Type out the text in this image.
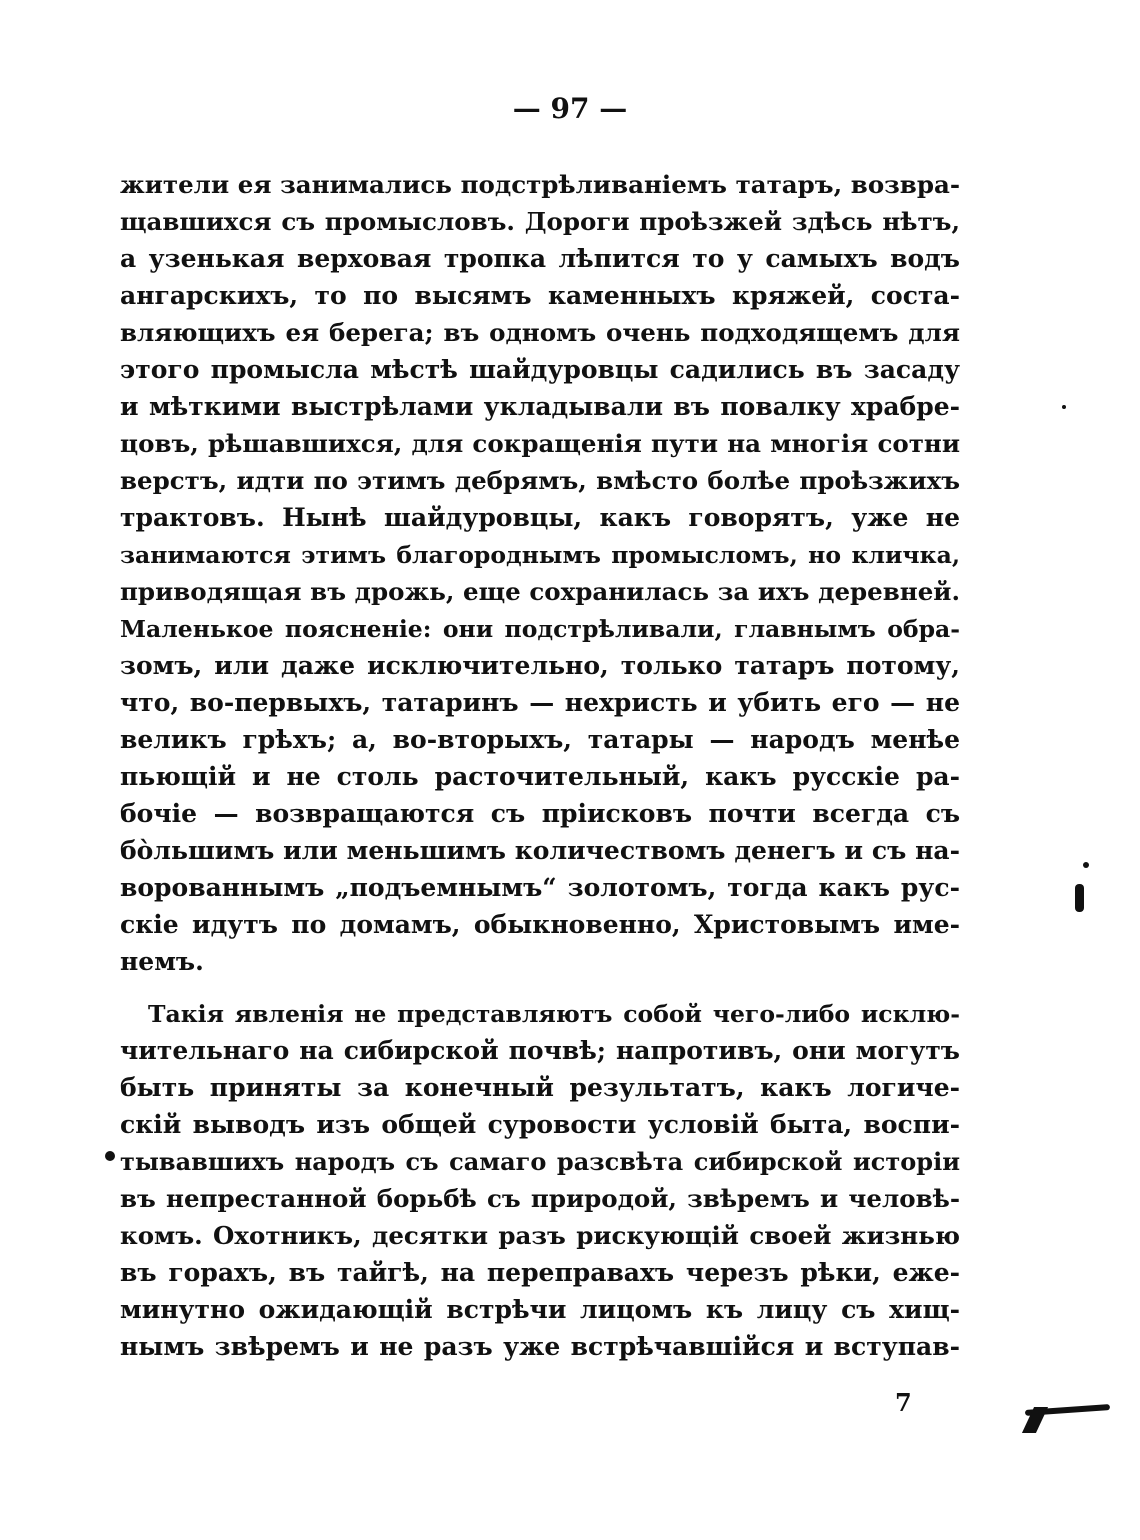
— 97 —
жители ея занимались подстрѣливаніемъ татаръ, возвра-
щавшихся съ промысловъ. Дороги проѣзжей здѣсь нѣтъ,
а узенькая верховая тропка лѣпится то у самыхъ водъ
ангарскихъ, то по высямъ каменныхъ кряжей, соста-
вляющихъ ея берега; въ одномъ очень подходящемъ для
этого промысла мѣстѣ шайдуровцы садились въ засаду
и мѣткими выстрѣлами укладывали въ повалку храбре-
цовъ, рѣшавшихся, для сокращенія пути на многія сотни
верстъ, идти по этимъ дебрямъ, вмѣсто болѣе проѣзжихъ
трактовъ. Нынѣ шайдуровцы, какъ говорятъ, уже не
занимаются этимъ благороднымъ промысломъ, но кличка,
приводящая въ дрожь, еще сохранилась за ихъ деревней.
Маленькое поясненіе: они подстрѣливали, главнымъ обра-
зомъ, или даже исключительно, только татаръ потому,
что, во-первыхъ, татаринъ — нехристь и убить его — не
великъ грѣхъ; а, во-вторыхъ, татары — народъ менѣе
пьющій и не столь расточительный, какъ русскіе ра-
бочіе — возвращаются съ пріисковъ почти всегда съ
бо̀льшимъ или меньшимъ количествомъ денегъ и съ на-
ворованнымъ „подъемнымъ“ золотомъ, тогда какъ рус-
скіе идутъ по домамъ, обыкновенно, Христовымъ име-
немъ.
Такія явленія не представляютъ собой чего-либо исклю-
чительнаго на сибирской почвѣ; напротивъ, они могутъ
быть приняты за конечный результатъ, какъ логиче-
скій выводъ изъ общей суровости условій быта, воспи-
тывавшихъ народъ съ самаго разсвѣта сибирской исторіи
въ непрестанной борьбѣ съ природой, звѣремъ и человѣ-
комъ. Охотникъ, десятки разъ рискующій своей жизнью
въ горахъ, въ тайгѣ, на переправахъ черезъ рѣки, еже-
минутно ожидающій встрѣчи лицомъ къ лицу съ хищ-
нымъ звѣремъ и не разъ уже встрѣчавшійся и вступав-
7
